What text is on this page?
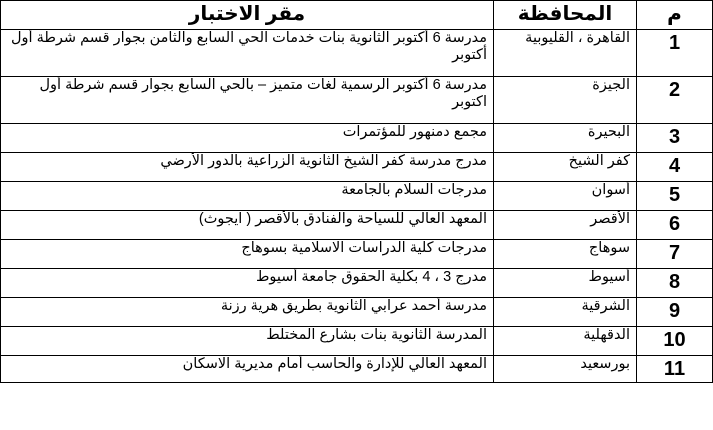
مقر الاختبار	المحافظة	م
مدرسة 6 أكتوبر الثانوية بنات خدمات الحي السابع والثامن بجوار قسم شرطة أول أكتوبر	القاهرة ، القليوبية	1
مدرسة 6 أكتوبر الرسمية لغات متميز – بالحي السابع بجوار قسم شرطة أول اكتوبر	الجيزة	2
مجمع دمنهور للمؤتمرات	البحيرة	3
مدرج مدرسة كفر الشيخ الثانوية الزراعية بالدور الأرضي	كفر الشيخ	4
مدرجات السلام بالجامعة	أسوان	5
المعهد العالي للسياحة والفنادق بالأقصر ( ايجوث)	الأقصر	6
مدرجات كلية الدراسات الاسلامية بسوهاج	سوهاج	7
مدرج 3 ، 4 بكلية الحقوق جامعة أسيوط	أسيوط	8
مدرسة أحمد عرابي الثانوية بطريق هرية رزنة	الشرقية	9
المدرسة الثانوية بنات بشارع المختلط	الدقهلية	10
المعهد العالي للإدارة والحاسب أمام مديرية الاسكان	بورسعيد	11
